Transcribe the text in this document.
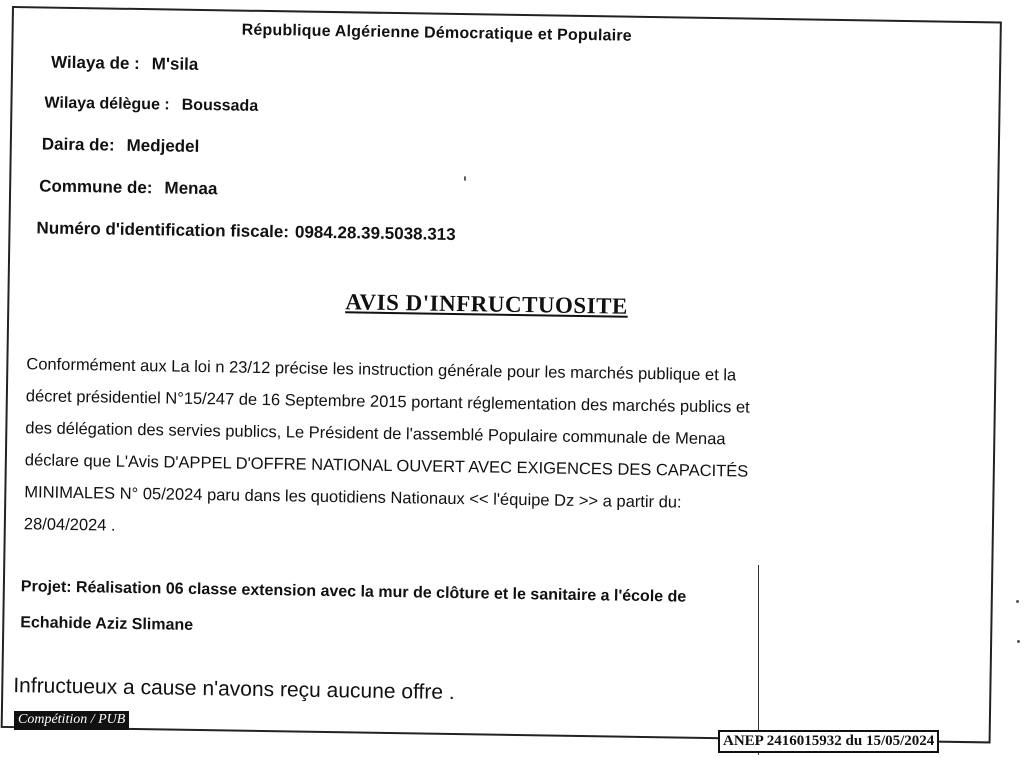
République Algérienne Démocratique et Populaire
Wilaya de : M'sila
Wilaya délègue : Boussada
Daira de: Medjedel
Commune de: Menaa
Numéro d'identification fiscale: 0984.28.39.5038.313
AVIS D'INFRUCTUOSITE

Conformément aux La loi n 23/12 précise les instruction générale pour les marchés publique et la

décret présidentiel N°15/247 de 16 Septembre 2015 portant réglementation des marchés publics et

des délégation des servies publics, Le Président de l'assemblé Populaire communale de Menaa

déclare que L'Avis D'APPEL D'OFFRE NATIONAL OUVERT AVEC EXIGENCES DES CAPACITÉS

MINIMALES N° 05/2024 paru dans les quotidiens Nationaux << l'équipe Dz >> a partir du:

28/04/2024 .

Projet: Réalisation 06 classe extension avec la mur de clôture et le sanitaire a l'école de
Echahide Aziz Slimane
Infructueux a cause n'avons reçu aucune offre .
Compétition / PUB
ANEP 2416015932 du 15/05/2024
